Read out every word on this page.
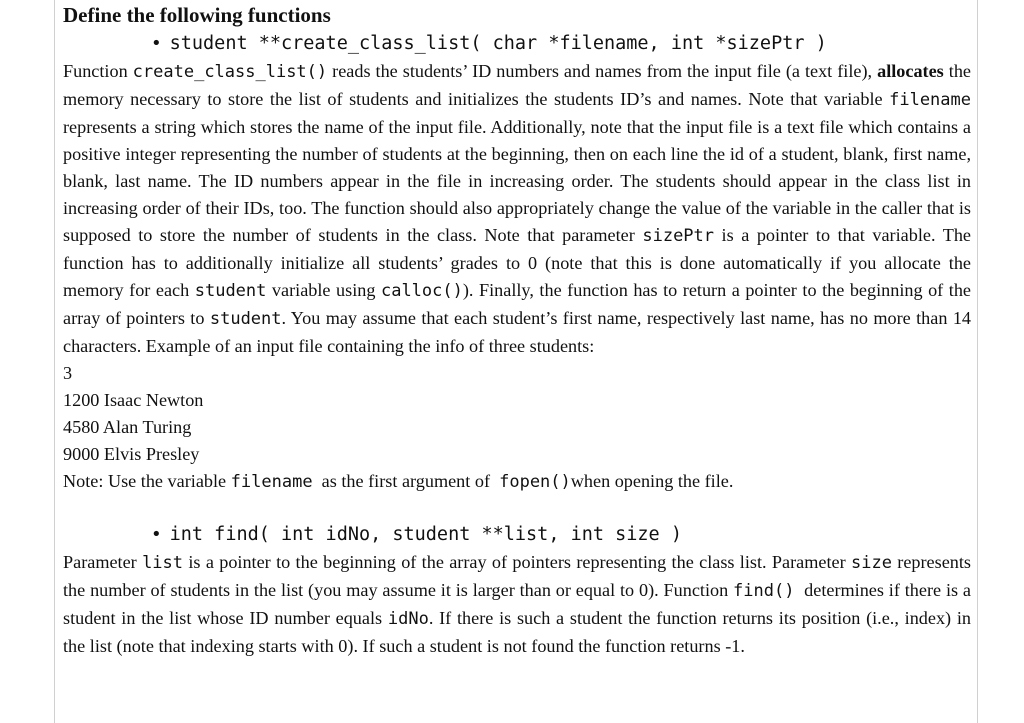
Define the following functions
• student **create_class_list( char *filename, int *sizePtr )

Function create_class_list() reads the students’ ID numbers and names from the input file (a text file), allocates the memory necessary to store the list of students and initializes the students ID’s and names. Note that variable filename represents a string which stores the name of the input file. Additionally, note that the input file is a text file which contains a positive integer representing the number of students at the beginning, then on each line the id of a student, blank, first name, blank, last name. The ID numbers appear in the file in increasing order. The students should appear in the class list in increasing order of their IDs, too. The function should also appropriately change the value of the variable in the caller that is supposed to store the number of students in the class. Note that parameter sizePtr is a pointer to that variable. The function has to additionally initialize all students’ grades to 0 (note that this is done automatically if you allocate the memory for each student variable using calloc()). Finally, the function has to return a pointer to the beginning of the array of pointers to student. You may assume that each student’s first name, respectively last name, has no more than 14 characters. Example of an input file containing the info of three students:

3
1200 Isaac Newton
4580 Alan Turing
9000 Elvis Presley
Note: Use the variable filename  as the first argument of  fopen()when opening the file.
• int find( int idNo, student **list, int size )

Parameter list is a pointer to the beginning of the array of pointers representing the class list. Parameter size represents the number of students in the list (you may assume it is larger than or equal to 0). Function find()  determines if there is a student in the list whose ID number equals idNo. If there is such a student the function returns its position (i.e., index) in the list (note that indexing starts with 0). If such a student is not found the function returns -1.
